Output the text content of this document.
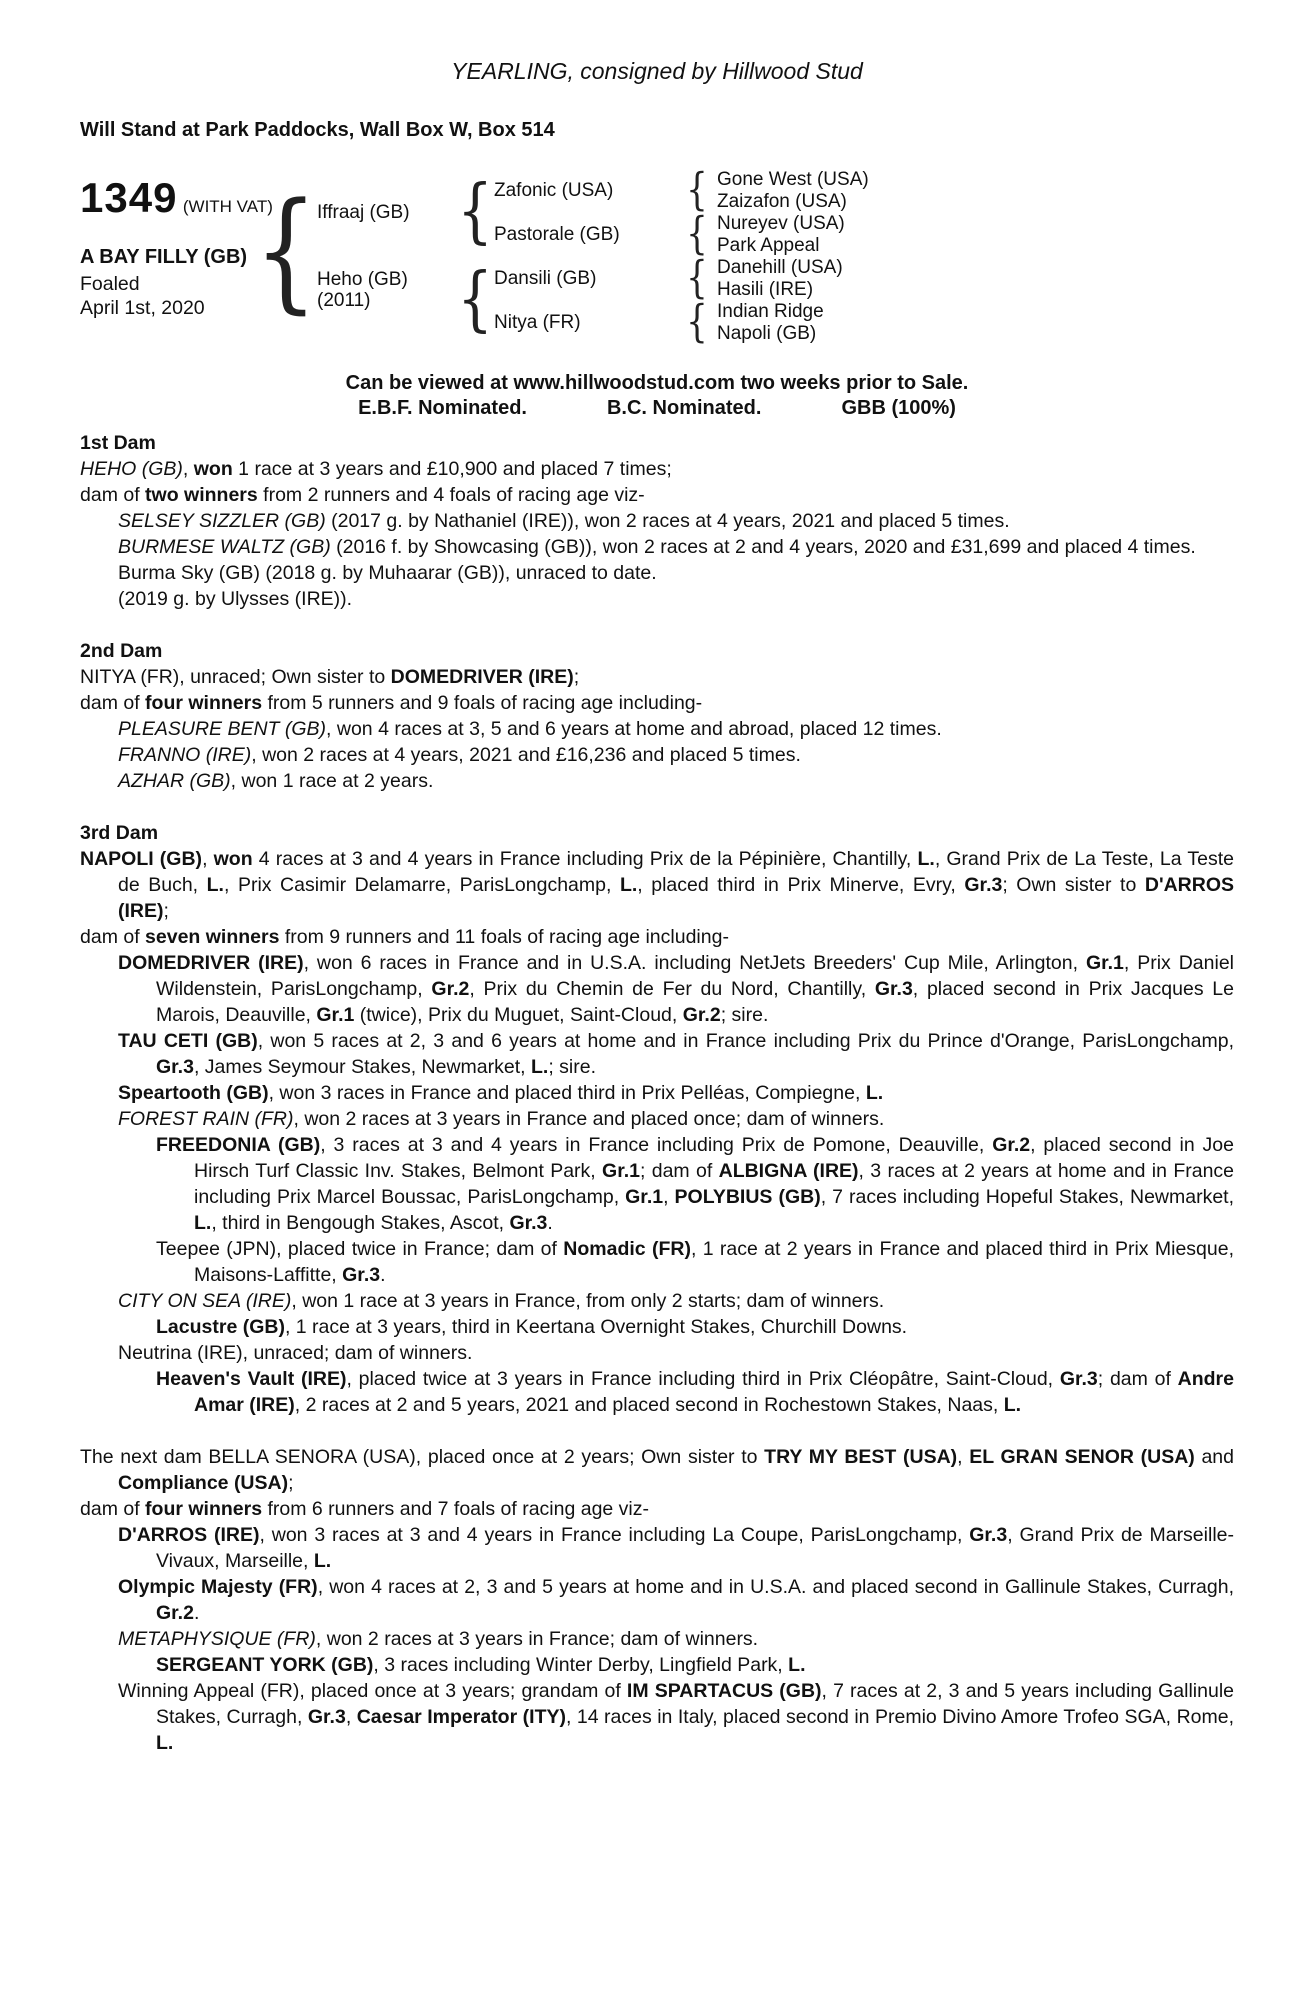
YEARLING, consigned by Hillwood Stud
Will Stand at Park Paddocks, Wall Box W, Box 514
1349 (WITH VAT)
A BAY FILLY (GB)
Foaled
April 1st, 2020 { {
{
{
{
{
{
Iffraaj (GB)
Heho (GB)
(2011)
Zafonic (USA)
Pastorale (GB)
Dansili (GB)
Nitya (FR)
Gone West (USA)
Zaizafon (USA)
Nureyev (USA)
Park Appeal
Danehill (USA)
Hasili (IRE)
Indian Ridge
Napoli (GB)
Can be viewed at www.hillwoodstud.com two weeks prior to Sale.
E.B.F. Nominated.	B.C. Nominated.	GBB (100%)
1st Dam

HEHO (GB), won 1 race at 3 years and £10,900 and placed 7 times;

dam of two winners from 2 runners and 4 foals of racing age viz-

SELSEY SIZZLER (GB) (2017 g. by Nathaniel (IRE)), won 2 races at 4 years, 2021 and placed 5 times.

BURMESE WALTZ (GB) (2016 f. by Showcasing (GB)), won 2 races at 2 and 4 years, 2020 and £31,699 and placed 4 times.

Burma Sky (GB) (2018 g. by Muhaarar (GB)), unraced to date.

(2019 g. by Ulysses (IRE)).

2nd Dam

NITYA (FR), unraced; Own sister to DOMEDRIVER (IRE);

dam of four winners from 5 runners and 9 foals of racing age including-

PLEASURE BENT (GB), won 4 races at 3, 5 and 6 years at home and abroad, placed 12 times.

FRANNO (IRE), won 2 races at 4 years, 2021 and £16,236 and placed 5 times.

AZHAR (GB), won 1 race at 2 years.

3rd Dam

NAPOLI (GB), won 4 races at 3 and 4 years in France including Prix de la Pépinière, Chantilly, L., Grand Prix de La Teste, La Teste de Buch, L., Prix Casimir Delamarre, ParisLongchamp, L., placed third in Prix Minerve, Evry, Gr.3; Own sister to D'ARROS (IRE);

dam of seven winners from 9 runners and 11 foals of racing age including-

DOMEDRIVER (IRE), won 6 races in France and in U.S.A. including NetJets Breeders' Cup Mile, Arlington, Gr.1, Prix Daniel Wildenstein, ParisLongchamp, Gr.2, Prix du Chemin de Fer du Nord, Chantilly, Gr.3, placed second in Prix Jacques Le Marois, Deauville, Gr.1 (twice), Prix du Muguet, Saint-Cloud, Gr.2; sire.

TAU CETI (GB), won 5 races at 2, 3 and 6 years at home and in France including Prix du Prince d'Orange, ParisLongchamp, Gr.3, James Seymour Stakes, Newmarket, L.; sire.

Speartooth (GB), won 3 races in France and placed third in Prix Pelléas, Compiegne, L.

FOREST RAIN (FR), won 2 races at 3 years in France and placed once; dam of winners.

FREEDONIA (GB), 3 races at 3 and 4 years in France including Prix de Pomone, Deauville, Gr.2, placed second in Joe Hirsch Turf Classic Inv. Stakes, Belmont Park, Gr.1; dam of ALBIGNA (IRE), 3 races at 2 years at home and in France including Prix Marcel Boussac, ParisLongchamp, Gr.1, POLYBIUS (GB), 7 races including Hopeful Stakes, Newmarket, L., third in Bengough Stakes, Ascot, Gr.3.

Teepee (JPN), placed twice in France; dam of Nomadic (FR), 1 race at 2 years in France and placed third in Prix Miesque, Maisons-Laffitte, Gr.3.

CITY ON SEA (IRE), won 1 race at 3 years in France, from only 2 starts; dam of winners.

Lacustre (GB), 1 race at 3 years, third in Keertana Overnight Stakes, Churchill Downs.

Neutrina (IRE), unraced; dam of winners.

Heaven's Vault (IRE), placed twice at 3 years in France including third in Prix Cléopâtre, Saint-Cloud, Gr.3; dam of Andre Amar (IRE), 2 races at 2 and 5 years, 2021 and placed second in Rochestown Stakes, Naas, L.

The next dam BELLA SENORA (USA), placed once at 2 years; Own sister to TRY MY BEST (USA), EL GRAN SENOR (USA) and Compliance (USA);

dam of four winners from 6 runners and 7 foals of racing age viz-

D'ARROS (IRE), won 3 races at 3 and 4 years in France including La Coupe, ParisLongchamp, Gr.3, Grand Prix de Marseille-Vivaux, Marseille, L.

Olympic Majesty (FR), won 4 races at 2, 3 and 5 years at home and in U.S.A. and placed second in Gallinule Stakes, Curragh, Gr.2.

METAPHYSIQUE (FR), won 2 races at 3 years in France; dam of winners.

SERGEANT YORK (GB), 3 races including Winter Derby, Lingfield Park, L.

Winning Appeal (FR), placed once at 3 years; grandam of IM SPARTACUS (GB), 7 races at 2, 3 and 5 years including Gallinule Stakes, Curragh, Gr.3, Caesar Imperator (ITY), 14 races in Italy, placed second in Premio Divino Amore Trofeo SGA, Rome, L.
